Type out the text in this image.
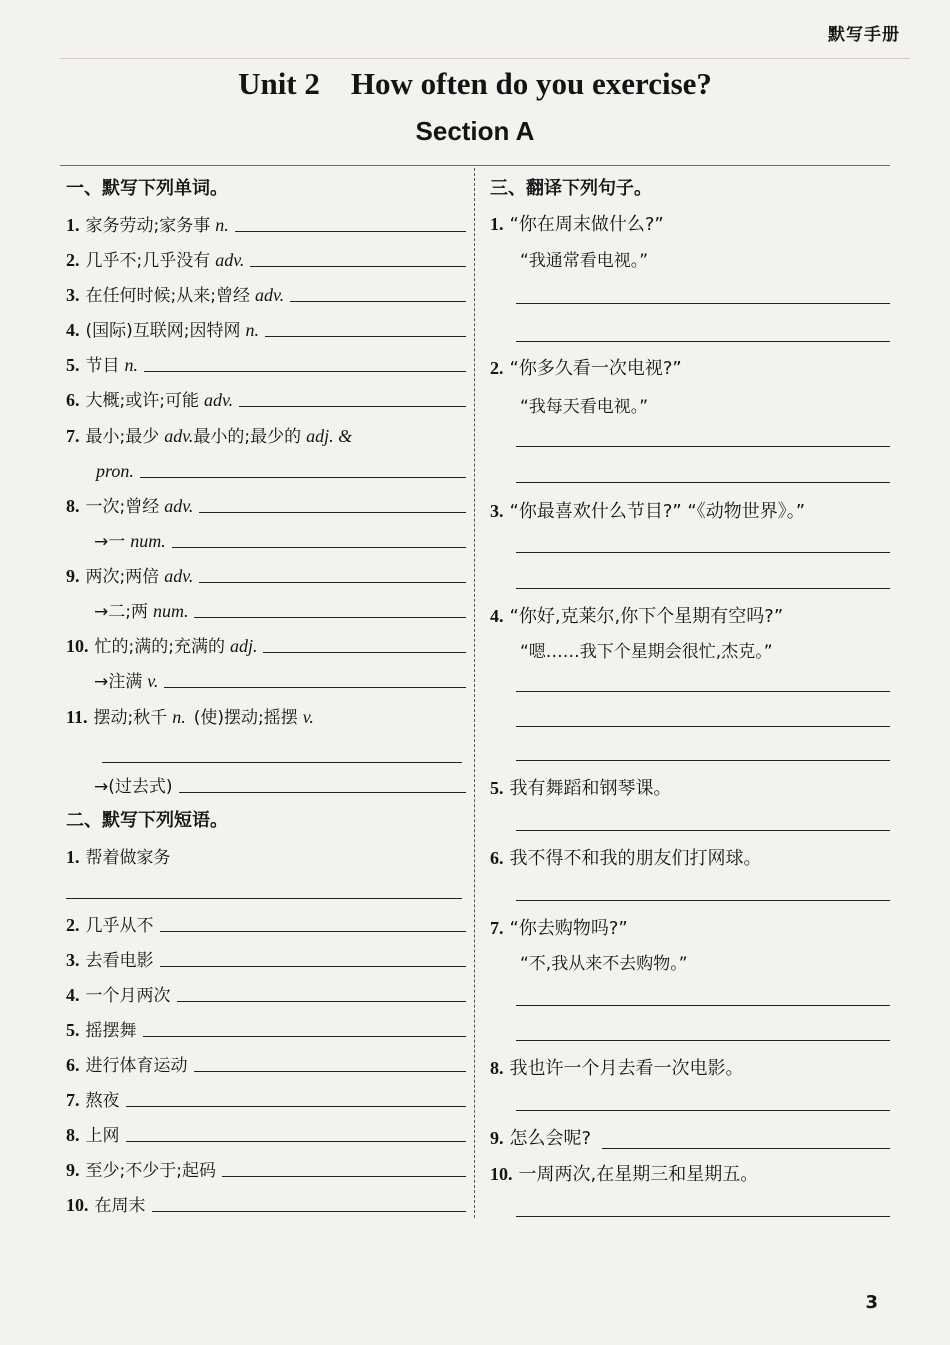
默写手册
Unit 2    How often do you exercise?
Section A
一、默写下列单词。
1. 家务劳动;家务事 n.
2. 几乎不;几乎没有 adv.
3. 在任何时候;从来;曾经 adv.
4. (国际)互联网;因特网 n.
5. 节目 n.
6. 大概;或许;可能 adv.
7. 最小;最少 adv. 最小的;最少的 adj. &
pron.
8. 一次;曾经 adv.
→一 num.
9. 两次;两倍 adv.
→二;两 num.
10. 忙的;满的;充满的 adj.
→注满 v.
11. 摆动;秋千 n. (使)摆动;摇摆 v.
→(过去式)
二、默写下列短语。
1. 帮着做家务
2. 几乎从不
3. 去看电影
4. 一个月两次
5. 摇摆舞
6. 进行体育运动
7. 熬夜
8. 上网
9. 至少;不少于;起码
10. 在周末
三、翻译下列句子。
1. “你在周末做什么?”
“我通常看电视。”
2. “你多久看一次电视?”
“我每天看电视。”
3. “你最喜欢什么节目?” “《动物世界》。”
4. “你好,克莱尔,你下个星期有空吗?”
“嗯……我下个星期会很忙,杰克。”
5. 我有舞蹈和钢琴课。
6. 我不得不和我的朋友们打网球。
7. “你去购物吗?”
“不,我从来不去购物。”
8. 我也许一个月去看一次电影。
9. 怎么会呢?
10. 一周两次,在星期三和星期五。
3
